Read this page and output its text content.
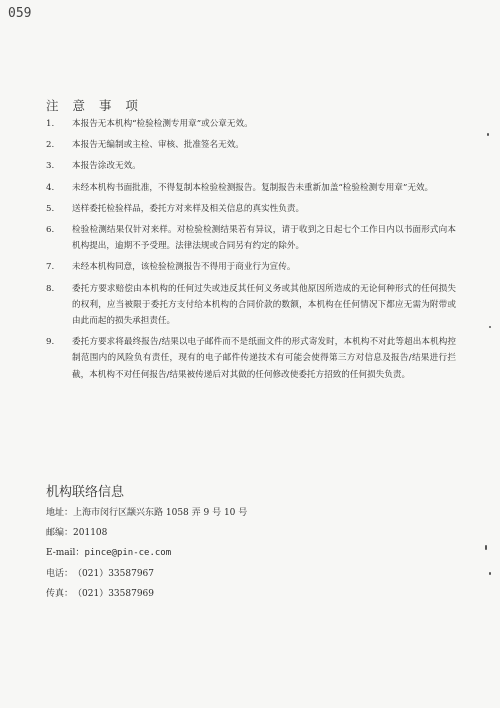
059
注 意 事 项
1.	本报告无本机构“检验检测专用章”或公章无效。
2.	本报告无编制或主检、审核、批准签名无效。
3.	本报告涂改无效。
4.	未经本机构书面批准，不得复制本检验检测报告。复制报告未重新加盖“检验检测专用章”无效。
5.	送样委托检验样品，委托方对来样及相关信息的真实性负责。
6.	检验检测结果仅针对来样。对检验检测结果若有异议，请于收到之日起七个工作日内以书面形式向本机构提出，逾期不予受理。法律法规或合同另有约定的除外。
7.	未经本机构同意，该检验检测报告不得用于商业行为宣传。
8.	委托方要求赔偿由本机构的任何过失或违反其任何义务或其他原因所造成的无论何种形式的任何损失的权利，应当被限于委托方支付给本机构的合同价款的数额，本机构在任何情况下都应无需为附带或由此而起的损失承担责任。
9.	委托方要求将最终报告/结果以电子邮件而不是纸面文件的形式寄发时，本机构不对此等超出本机构控制范围内的风险负有责任，现有的电子邮件传递技术有可能会使得第三方对信息及报告/结果进行拦截，本机构不对任何报告/结果被传递后对其做的任何修改使委托方招致的任何损失负责。
机构联络信息
地址： 上海市闵行区颛兴东路 1058 弄 9 号 10 号
邮编： 201108
E-mail： pince@pin-ce.com
电话： （021）33587967
传真： （021）33587969
